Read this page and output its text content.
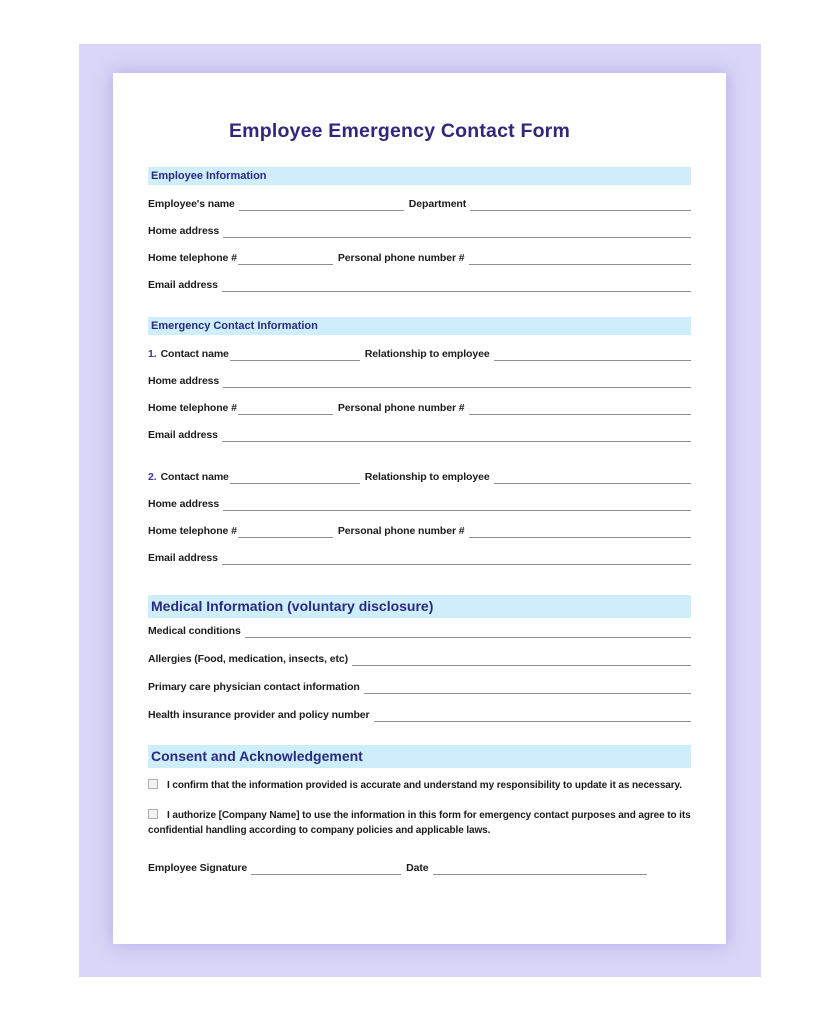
Employee Emergency Contact Form
Employee Information
Employee's name	Department
Home address
Home telephone #	Personal phone number #
Email address
Emergency Contact Information
1. Contact name	Relationship to employee
Home address
Home telephone #	Personal phone number #
Email address
2. Contact name	Relationship to employee
Home address
Home telephone #	Personal phone number #
Email address
Medical Information (voluntary disclosure)
Medical conditions
Allergies (Food, medication, insects, etc)
Primary care physician contact information
Health insurance provider and policy number
Consent and Acknowledgement

I confirm that the information provided is accurate and understand my responsibility to update it as necessary.

I authorize [Company Name] to use the information in this form for emergency contact purposes and agree to its confidential handling according to company policies and applicable laws.

Employee Signature	Date
